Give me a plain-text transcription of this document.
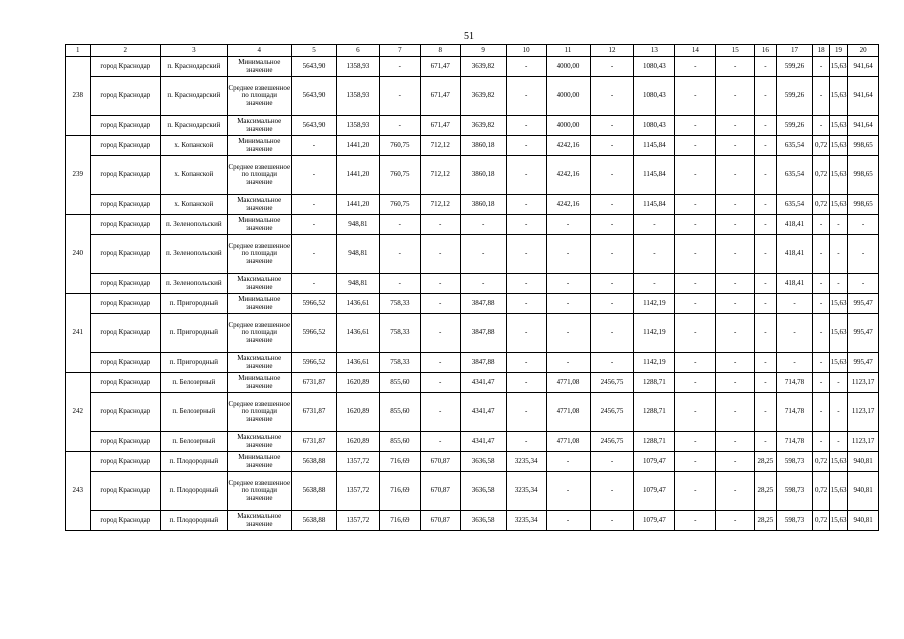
51
1	2	3	4	5	6	7	8	9	10	11	12	13	14	15	16	17	18	19	20
238	город Краснодар	п. Краснодарский	Минимальное значение	5643,90	1358,93	-	671,47	3639,82	-	4000,00	-	1080,43	-	-	-	599,26	-	15,63	941,64
	город Краснодар	п. Краснодарский	Среднее взвешенное по площади значение	5643,90	1358,93	-	671,47	3639,82	-	4000,00	-	1080,43	-	-	-	599,26	-	15,63	941,64
	город Краснодар	п. Краснодарский	Максимальное значение	5643,90	1358,93	-	671,47	3639,82	-	4000,00	-	1080,43	-	-	-	599,26	-	15,63	941,64
239	город Краснодар	х. Копанской	Минимальное значение	-	1441,20	760,75	712,12	3860,18	-	4242,16	-	1145,84	-	-	-	635,54	0,72	15,63	998,65
	город Краснодар	х. Копанской	Среднее взвешенное по площади значение	-	1441,20	760,75	712,12	3860,18	-	4242,16	-	1145,84	-	-	-	635,54	0,72	15,63	998,65
	город Краснодар	х. Копанской	Максимальное значение	-	1441,20	760,75	712,12	3860,18	-	4242,16	-	1145,84	-	-	-	635,54	0,72	15,63	998,65
240	город Краснодар	п. Зеленопольский	Минимальное значение	-	948,81	-	-	-	-	-	-	-	-	-	-	418,41	-	-	-
	город Краснодар	п. Зеленопольский	Среднее взвешенное по площади значение	-	948,81	-	-	-	-	-	-	-	-	-	-	418,41	-	-	-
	город Краснодар	п. Зеленопольский	Максимальное значение	-	948,81	-	-	-	-	-	-	-	-	-	-	418,41	-	-	-
241	город Краснодар	п. Пригородный	Минимальное значение	5966,52	1436,61	758,33	-	3847,88	-	-	-	1142,19	-	-	-	-	-	15,63	995,47
	город Краснодар	п. Пригородный	Среднее взвешенное по площади значение	5966,52	1436,61	758,33	-	3847,88	-	-	-	1142,19	-	-	-	-	-	15,63	995,47
	город Краснодар	п. Пригородный	Максимальное значение	5966,52	1436,61	758,33	-	3847,88	-	-	-	1142,19	-	-	-	-	-	15,63	995,47
242	город Краснодар	п. Белозерный	Минимальное значение	6731,87	1620,89	855,60	-	4341,47	-	4771,08	2456,75	1288,71	-	-	-	714,78	-	-	1123,17
	город Краснодар	п. Белозерный	Среднее взвешенное по площади значение	6731,87	1620,89	855,60	-	4341,47	-	4771,08	2456,75	1288,71	-	-	-	714,78	-	-	1123,17
	город Краснодар	п. Белозерный	Максимальное значение	6731,87	1620,89	855,60	-	4341,47	-	4771,08	2456,75	1288,71	-	-	-	714,78	-	-	1123,17
243	город Краснодар	п. Плодородный	Минимальное значение	5638,88	1357,72	716,69	670,87	3636,58	3235,34	-	-	1079,47	-	-	28,25	598,73	0,72	15,63	940,81
	город Краснодар	п. Плодородный	Среднее взвешенное по площади значение	5638,88	1357,72	716,69	670,87	3636,58	3235,34	-	-	1079,47	-	-	28,25	598,73	0,72	15,63	940,81
	город Краснодар	п. Плодородный	Максимальное значение	5638,88	1357,72	716,69	670,87	3636,58	3235,34	-	-	1079,47	-	-	28,25	598,73	0,72	15,63	940,81
